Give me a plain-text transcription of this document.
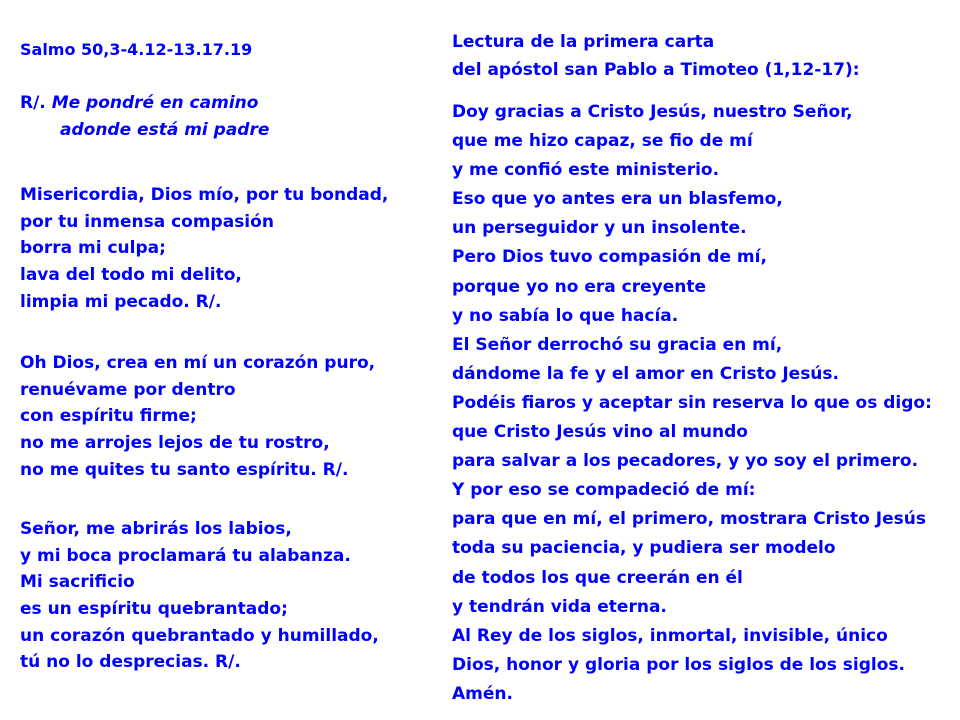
Salmo 50,3-4.12-13.17.19
R/. Me pondré en camino
adonde está mi padre
Misericordia, Dios mío, por tu bondad,
por tu inmensa compasión
borra mi culpa;
lava del todo mi delito,
limpia mi pecado. R/.
Oh Dios, crea en mí un corazón puro,
renuévame por dentro
con espíritu firme;
no me arrojes lejos de tu rostro,
no me quites tu santo espíritu. R/.
Señor, me abrirás los labios,
y mi boca proclamará tu alabanza.
Mi sacrificio
es un espíritu quebrantado;
un corazón quebrantado y humillado,
tú no lo desprecias. R/.
Lectura de la primera carta
del apóstol san Pablo a Timoteo (1,12-17):
Doy gracias a Cristo Jesús, nuestro Señor,
que me hizo capaz, se fio de mí
y me confió este ministerio.
Eso que yo antes era un blasfemo,
un perseguidor y un insolente.
Pero Dios tuvo compasión de mí,
porque yo no era creyente
y no sabía lo que hacía.
El Señor derrochó su gracia en mí,
dándome la fe y el amor en Cristo Jesús.
Podéis fiaros y aceptar sin reserva lo que os digo:
que Cristo Jesús vino al mundo
para salvar a los pecadores, y yo soy el primero.
Y por eso se compadeció de mí:
para que en mí, el primero, mostrara Cristo Jesús
toda su paciencia, y pudiera ser modelo
de todos los que creerán en él
y tendrán vida eterna.
Al Rey de los siglos, inmortal, invisible, único
Dios, honor y gloria por los siglos de los siglos.
Amén.
